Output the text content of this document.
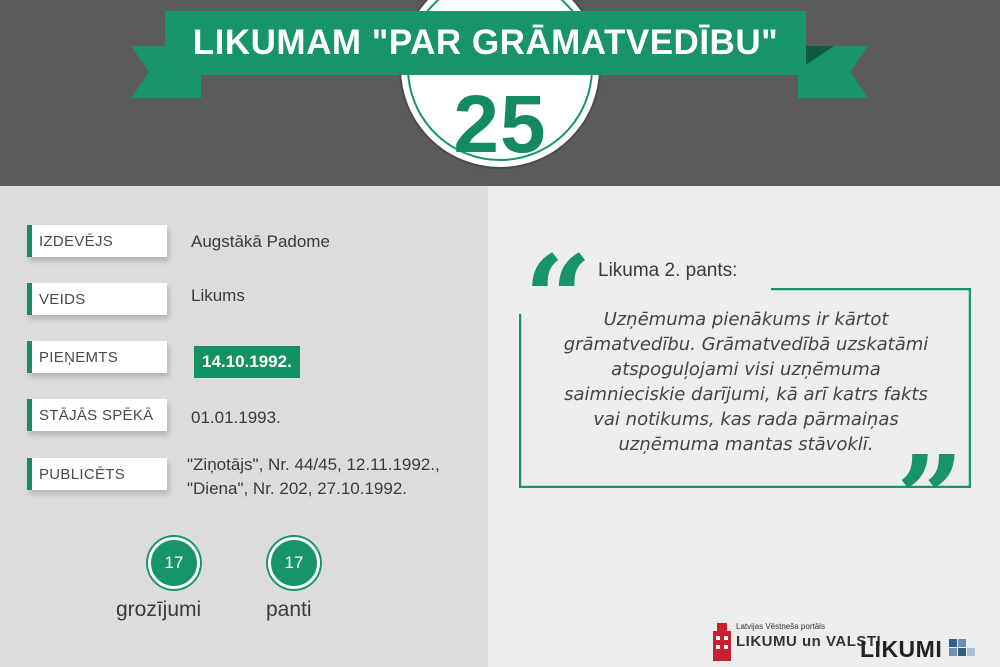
25
LIKUMAM "PAR GRĀMATVEDĪBU"
IZDEVĒJS	Augstākā Padome
VEIDS	Likums
PIEŅEMTS	14.10.1992.
STĀJĀS SPĒKĀ 01.01.1993.
PUBLICĒTS
"Ziņotājs", Nr. 44/45, 12.11.1992.,
"Diena", Nr. 202, 27.10.1992.
17
grozījumi
17
panti
“
”
Likuma 2. pants:
Uzņēmuma pienākums ir kārtot
grāmatvedību. Grāmatvedībā uzskatāmi
atspoguļojami visi uzņēmuma
saimnieciskie darījumi, kā arī katrs fakts
vai notikums, kas rada pārmaiņas
uzņēmuma mantas stāvoklī.
Latvijas Vēstneša portāls
LIKUMU un VALSTI
LIKUMI
